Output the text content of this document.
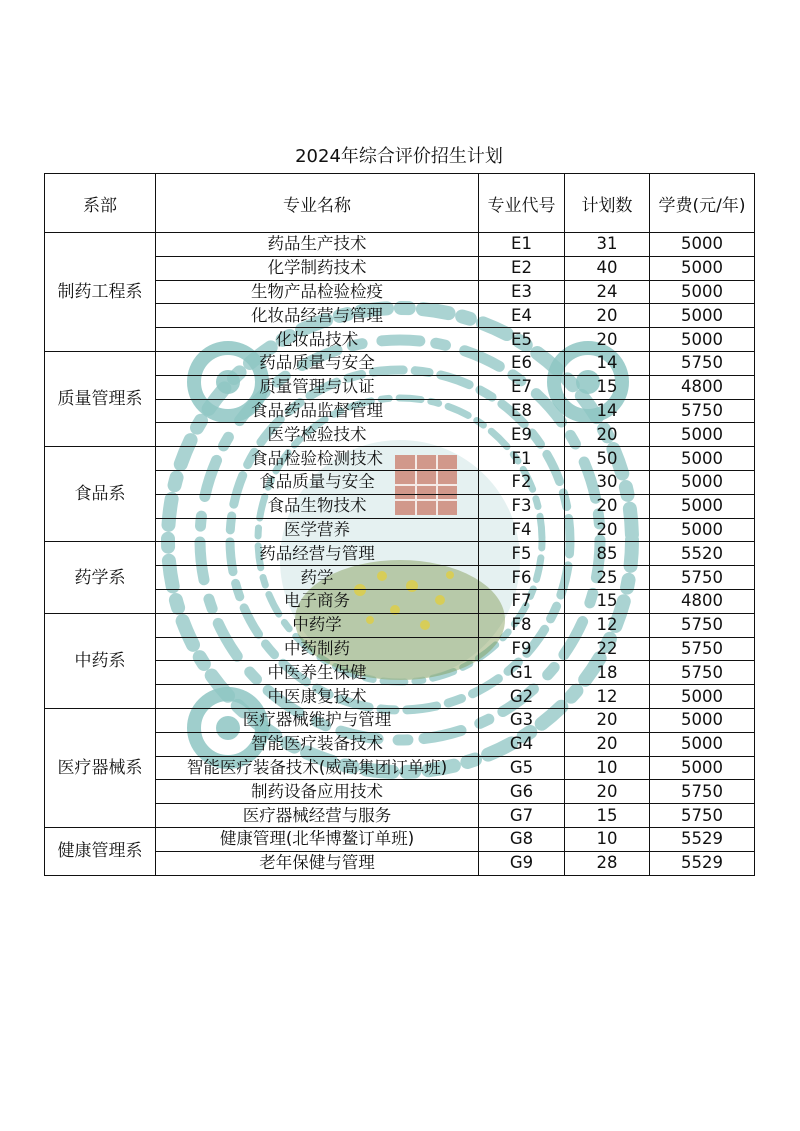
2024年综合评价招生计划
系部	专业名称	专业代号	计划数	学费(元/年)
制药工程系	药品生产技术	E1	31	5000
	化学制药技术	E2	40	5000
	生物产品检验检疫	E3	24	5000
	化妆品经营与管理	E4	20	5000
	化妆品技术	E5	20	5000
质量管理系	药品质量与安全	E6	14	5750
	质量管理与认证	E7	15	4800
	食品药品监督管理	E8	14	5750
	医学检验技术	E9	20	5000
食品系	食品检验检测技术	F1	50	5000
	食品质量与安全	F2	30	5000
	食品生物技术	F3	20	5000
	医学营养	F4	20	5000
药学系	药品经营与管理	F5	85	5520
	药学	F6	25	5750
	电子商务	F7	15	4800
中药系	中药学	F8	12	5750
	中药制药	F9	22	5750
	中医养生保健	G1	18	5750
	中医康复技术	G2	12	5000
医疗器械系	医疗器械维护与管理	G3	20	5000
	智能医疗装备技术	G4	20	5000
	智能医疗装备技术(威高集团订单班)	G5	10	5000
	制药设备应用技术	G6	20	5750
	医疗器械经营与服务	G7	15	5750
健康管理系	健康管理(北华博鳌订单班)	G8	10	5529
	老年保健与管理	G9	28	5529
